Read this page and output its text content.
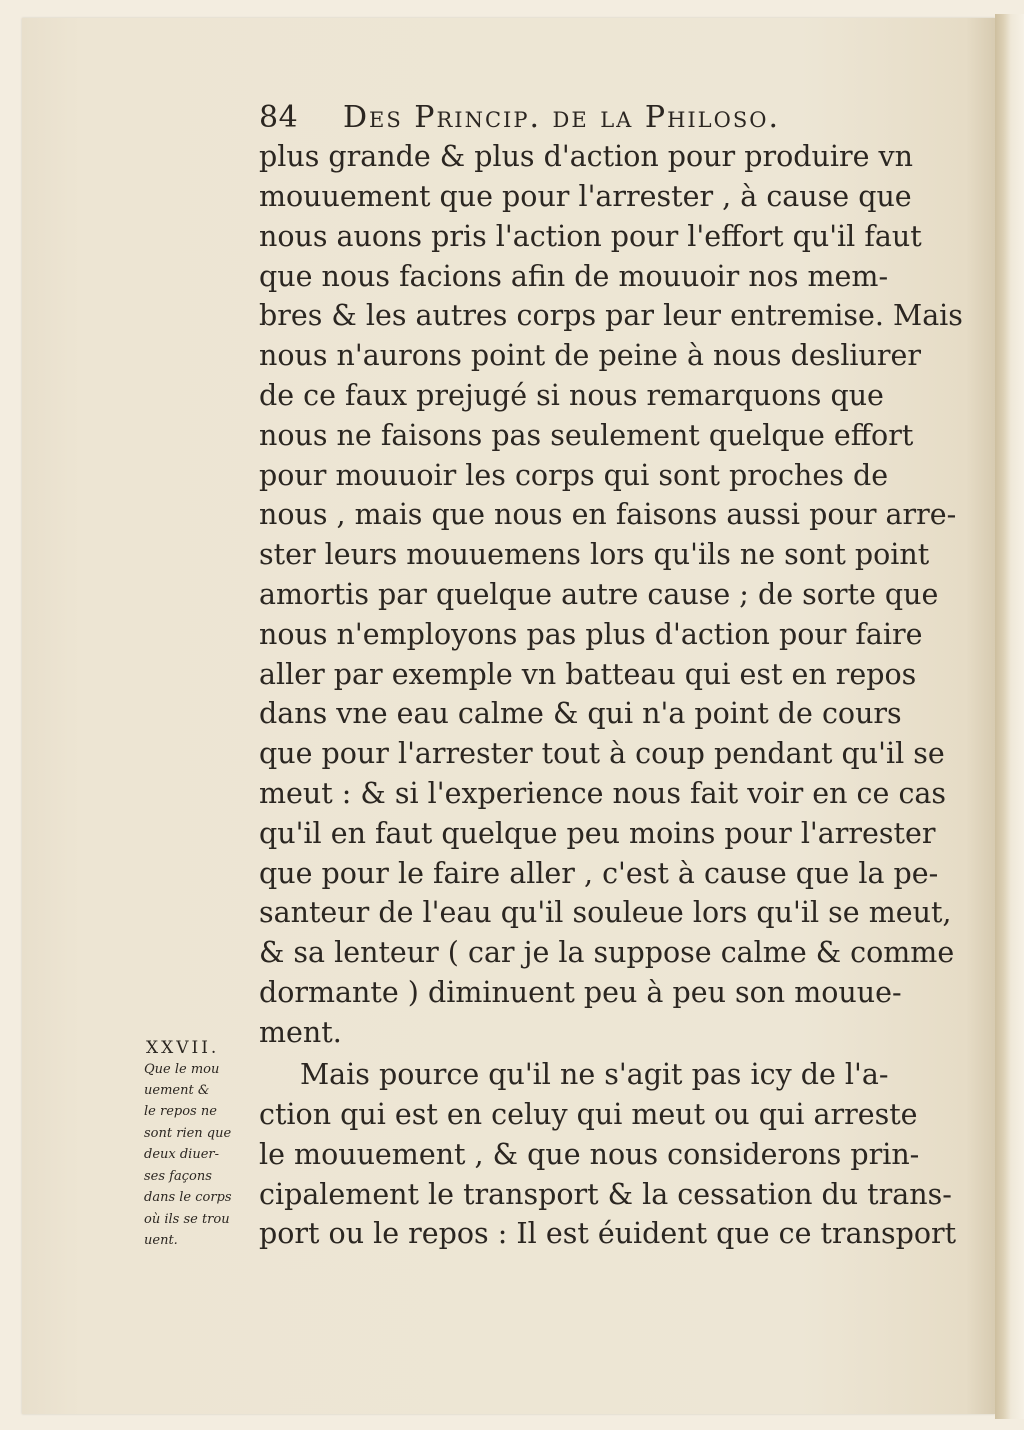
84 Des Princip. de la Philoso.
plus grande & plus d'action pour produire vn
mouuement que pour l'arrester , à cause que
nous auons pris l'action pour l'effort qu'il faut
que nous facions afin de mouuoir nos mem-
bres & les autres corps par leur entremise. Mais
nous n'aurons point de peine à nous desliurer
de ce faux prejugé si nous remarquons que
nous ne faisons pas seulement quelque effort
pour mouuoir les corps qui sont proches de
nous , mais que nous en faisons aussi pour arre-
ster leurs mouuemens lors qu'ils ne sont point
amortis par quelque autre cause ; de sorte que
nous n'employons pas plus d'action pour faire
aller par exemple vn batteau qui est en repos
dans vne eau calme & qui n'a point de cours
que pour l'arrester tout à coup pendant qu'il se
meut : & si l'experience nous fait voir en ce cas
qu'il en faut quelque peu moins pour l'arrester
que pour le faire aller , c'est à cause que la pe-
santeur de l'eau qu'il souleue lors qu'il se meut,
& sa lenteur ( car je la suppose calme & comme
dormante ) diminuent peu à peu son mouue-
ment.
Mais pource qu'il ne s'agit pas icy de l'a-
ction qui est en celuy qui meut ou qui arreste
le mouuement , & que nous considerons prin-
cipalement le transport & la cessation du trans-
port ou le repos : Il est éuident que ce transport
XXVII.
Que le mou
uement &
le repos ne
sont rien que
deux diuer-
ses façons
dans le corps
où ils se trou
uent.
